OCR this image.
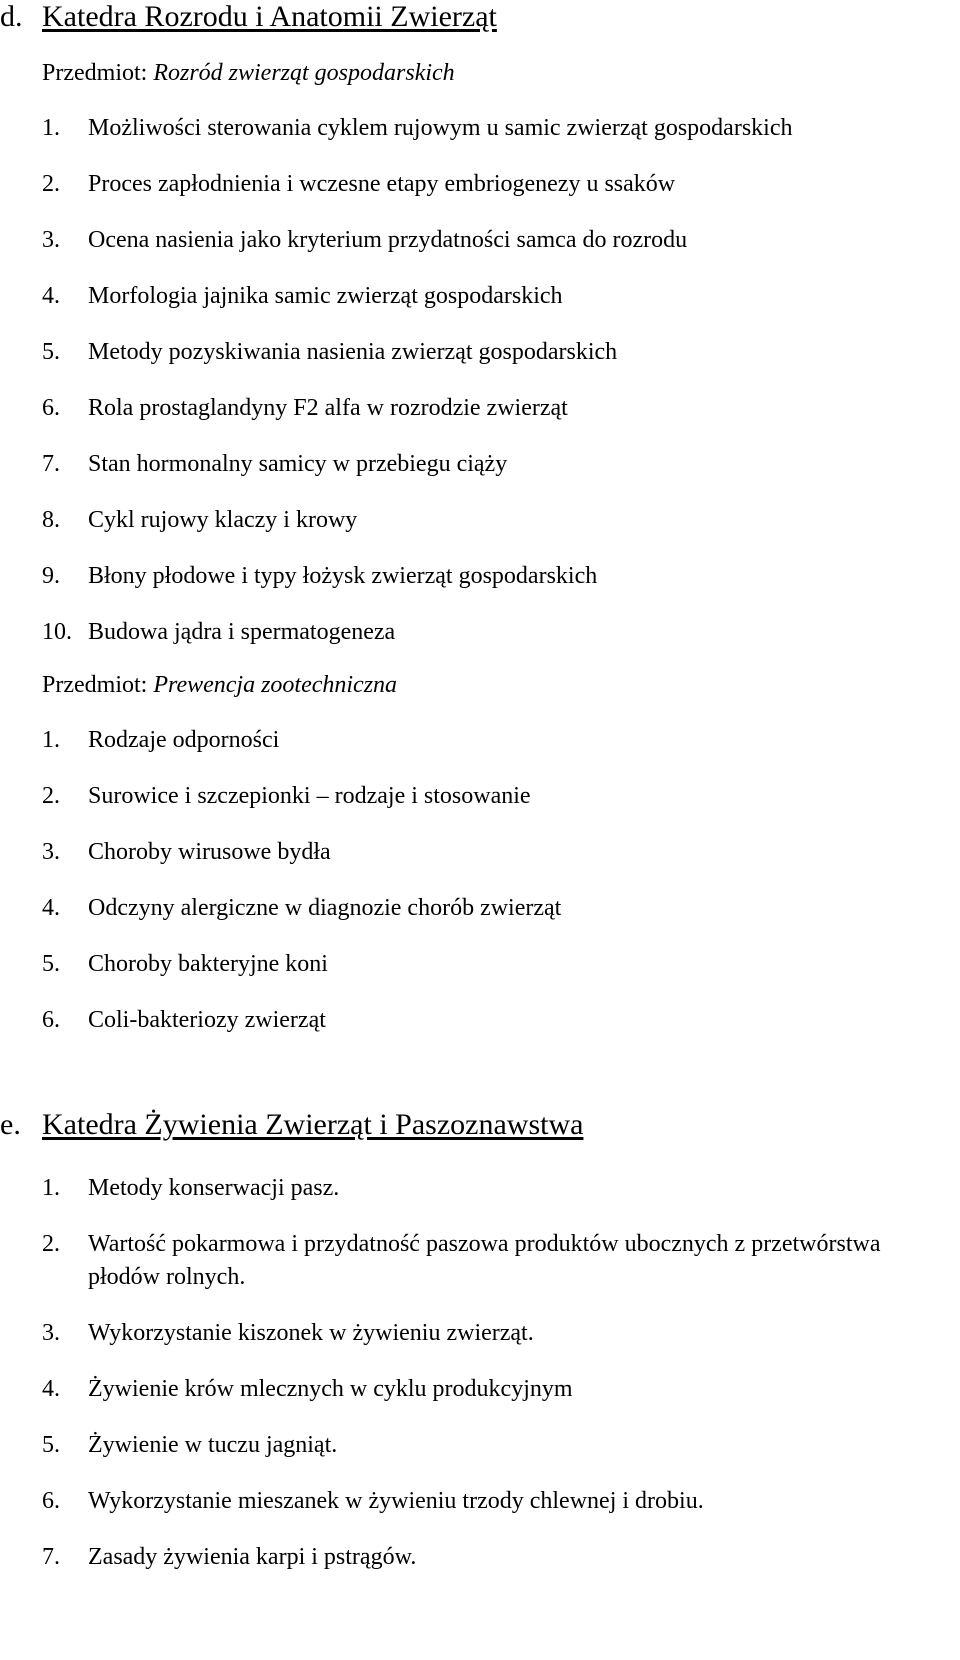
d. Katedra Rozrodu i Anatomii Zwierząt
Przedmiot: Rozród zwierząt gospodarskich
1. Możliwości sterowania cyklem rujowym u samic zwierząt gospodarskich
2. Proces zapłodnienia i wczesne etapy embriogenezy u ssaków
3. Ocena nasienia jako kryterium przydatności samca do rozrodu
4. Morfologia jajnika samic zwierząt gospodarskich
5. Metody pozyskiwania nasienia zwierząt gospodarskich
6. Rola prostaglandyny F2 alfa w rozrodzie zwierząt
7. Stan hormonalny samicy w przebiegu ciąży
8. Cykl rujowy klaczy i krowy
9. Błony płodowe i typy łożysk zwierząt gospodarskich
10. Budowa jądra i spermatogeneza
Przedmiot: Prewencja zootechniczna
1. Rodzaje odporności
2. Surowice i szczepionki – rodzaje i stosowanie
3. Choroby wirusowe bydła
4. Odczyny alergiczne w diagnozie chorób zwierząt
5. Choroby bakteryjne koni
6. Coli-bakteriozy zwierząt
e. Katedra Żywienia Zwierząt i Paszoznawstwa
1. Metody konserwacji pasz.
2. Wartość pokarmowa i przydatność paszowa produktów ubocznych z przetwórstwa płodów rolnych.
3. Wykorzystanie kiszonek w żywieniu zwierząt.
4. Żywienie krów mlecznych w cyklu produkcyjnym
5. Żywienie w tuczu jagniąt.
6. Wykorzystanie mieszanek w żywieniu trzody chlewnej i drobiu.
7. Zasady żywienia karpi i pstrągów.
